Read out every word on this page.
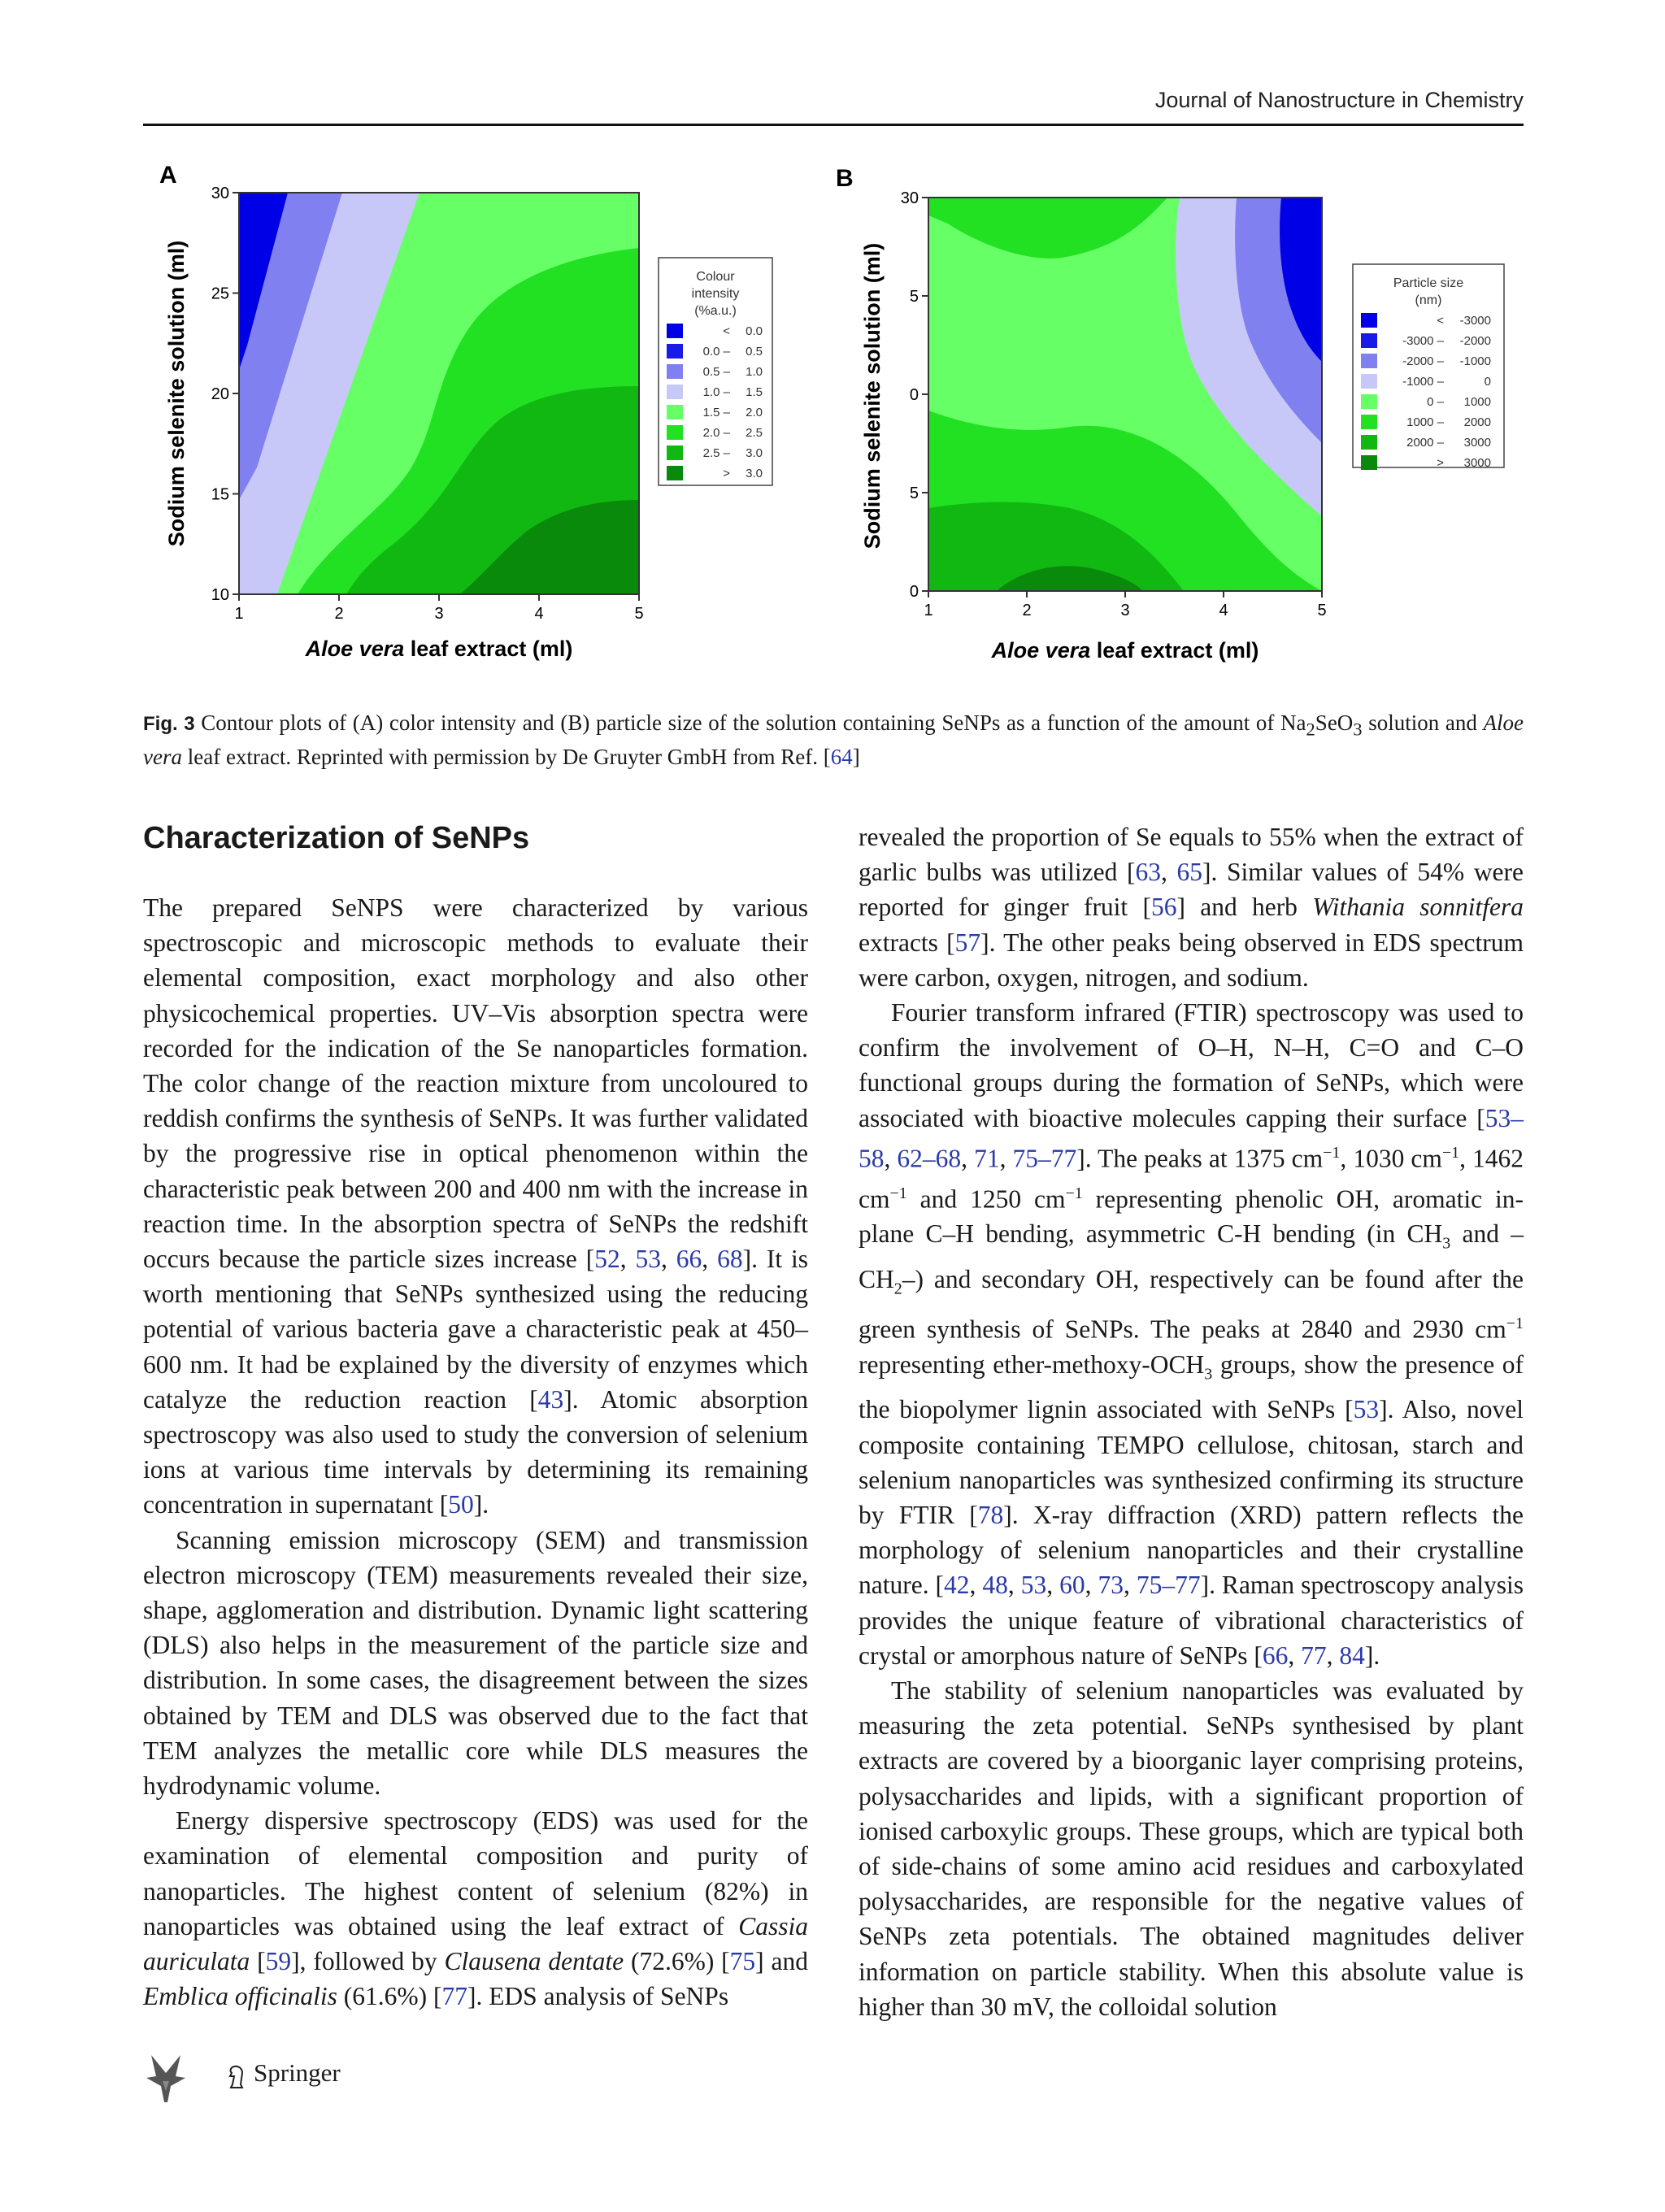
Journal of Nanostructure in Chemistry
A
1	2	3	4	5
10
15
20
25
30
Aloe vera leaf extract (ml)
Sodium selenite solution (ml)	Colour
intensity
(%a.u.)
< 0.0
0.0 – 0.5
0.5 – 1.0
1.0 – 1.5
1.5 – 2.0
2.0 – 2.5
2.5 – 3.0
> 3.0
B
1	2	3	4	5
0
5
0
5
30
Aloe vera leaf extract (ml)
Sodium selenite solution (ml)	Particle size
(nm)
< -3000
-3000 – -2000
-2000 – -1000
-1000 –	0
0 – 1000
1000 – 2000
2000 – 3000
> 3000
Fig. 3 Contour plots of (A) color intensity and (B) particle size of the solution containing SeNPs as a function of the amount of $Na_2SeO_3$ solution and Aloe vera leaf extract. Reprinted with permission by De Gruyter GmbH from Ref. [64]
Characterization of SeNPs

The prepared SeNPS were characterized by various spectroscopic and microscopic methods to evaluate their elemental composition, exact morphology and also other physicochemical properties. UV–Vis absorption spectra were recorded for the indication of the Se nanoparticles formation. The color change of the reaction mixture from uncoloured to reddish confirms the synthesis of SeNPs. It was further validated by the progressive rise in optical phenomenon within the characteristic peak between 200 and 400 nm with the increase in reaction time. In the absorption spectra of SeNPs the redshift occurs because the particle sizes increase [52, 53, 66, 68]. It is worth mentioning that SeNPs synthesized using the reducing potential of various bacteria gave a characteristic peak at 450–600 nm. It had be explained by the diversity of enzymes which catalyze the reduction reaction [43]. Atomic absorption spectroscopy was also used to study the conversion of selenium ions at various time intervals by determining its remaining concentration in supernatant [50].

Scanning emission microscopy (SEM) and transmission electron microscopy (TEM) measurements revealed their size, shape, agglomeration and distribution. Dynamic light scattering (DLS) also helps in the measurement of the particle size and distribution. In some cases, the disagreement between the sizes obtained by TEM and DLS was observed due to the fact that TEM analyzes the metallic core while DLS measures the hydrodynamic volume.

Energy dispersive spectroscopy (EDS) was used for the examination of elemental composition and purity of nanoparticles. The highest content of selenium (82%) in nanoparticles was obtained using the leaf extract of Cassia auriculata [59], followed by Clausena dentate (72.6%) [75] and Emblica officinalis (61.6%) [77]. EDS analysis of SeNPs

revealed the proportion of Se equals to 55% when the extract of garlic bulbs was utilized [63, 65]. Similar values of 54% were reported for ginger fruit [56] and herb Withania sonnitfera extracts [57]. The other peaks being observed in EDS spectrum were carbon, oxygen, nitrogen, and sodium.

Fourier transform infrared (FTIR) spectroscopy was used to confirm the involvement of O–H, N–H, C=O and C–O functional groups during the formation of SeNPs, which were associated with bioactive molecules capping their surface [53–58, 62–68, 71, 75–77]. The peaks at 1375 $cm^{-1}$, 1030 $cm^{-1}$, 1462 $cm^{-1}$ and 1250 $cm^{-1}$ representing phenolic OH, aromatic in-plane C–H bending, asymmetric C-H bending (in $CH_3$ and $-CH_2-$) and secondary OH, respectively can be found after the green synthesis of SeNPs. The peaks at 2840 and 2930 $cm^{-1}$ representing ether-$methoxy-OCH_3$ groups, show the presence of the biopolymer lignin associated with SeNPs [53]. Also, novel composite containing TEMPO cellulose, chitosan, starch and selenium nanoparticles was synthesized confirming its structure by FTIR [78]. X-ray diffraction (XRD) pattern reflects the morphology of selenium nanoparticles and their crystalline nature. [42, 48, 53, 60, 73, 75–77]. Raman spectroscopy analysis provides the unique feature of vibrational characteristics of crystal or amorphous nature of SeNPs [66, 77, 84].

The stability of selenium nanoparticles was evaluated by measuring the zeta potential. SeNPs synthesised by plant extracts are covered by a bioorganic layer comprising proteins, polysaccharides and lipids, with a significant proportion of ionised carboxylic groups. These groups, which are typical both of side-chains of some amino acid residues and carboxylated polysaccharides, are responsible for the negative values of SeNPs zeta potentials. The obtained magnitudes deliver information on particle stability. When this absolute value is higher than 30 mV, the colloidal solution

Springer
